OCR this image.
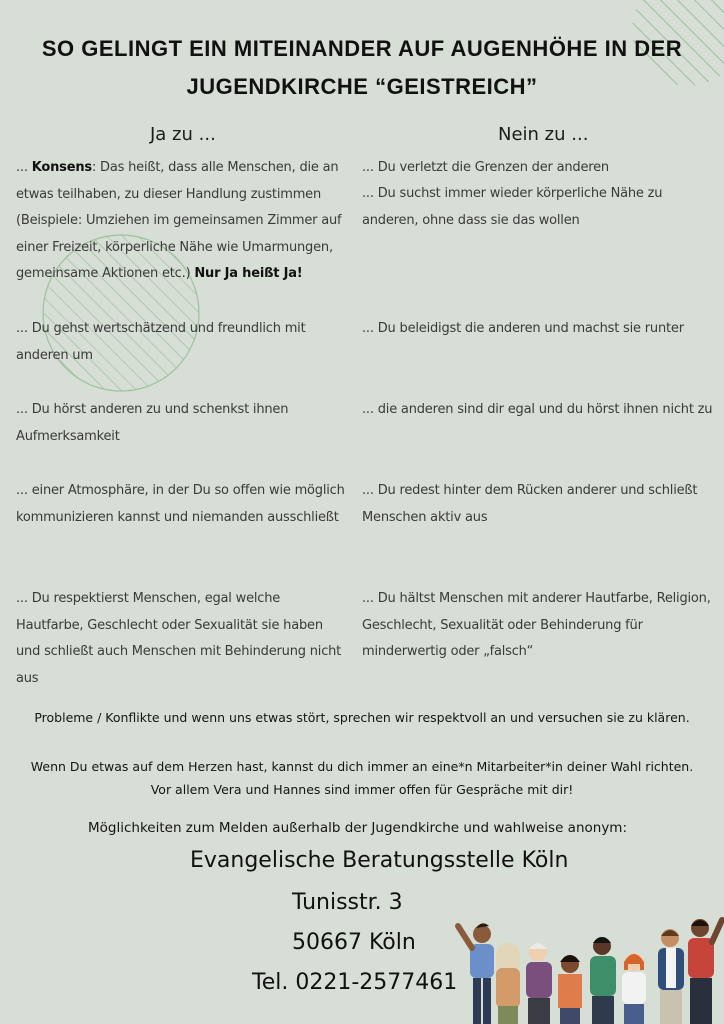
SO GELINGT EIN MITEINANDER AUF AUGENHÖHE IN DER
JUGENDKIRCHE “GEISTREICH”
Ja zu ...	Nein zu ...
... Konsens: Das heißt, dass alle Menschen, die an etwas teilhaben, zu dieser Handlung zustimmen (Beispiele: Umziehen im gemeinsamen Zimmer auf einer Freizeit, körperliche Nähe wie Umarmungen, gemeinsame Aktionen etc.) Nur Ja heißt Ja!
... Du gehst wertschätzend und freundlich mit anderen um
... Du hörst anderen zu und schenkst ihnen Aufmerksamkeit
... einer Atmosphäre, in der Du so offen wie möglich kommunizieren kannst und niemanden ausschließt
... Du respektierst Menschen, egal welche Hautfarbe, Geschlecht oder Sexualität sie haben und schließt auch Menschen mit Behinderung nicht aus
... Du verletzt die Grenzen der anderen
... Du suchst immer wieder körperliche Nähe zu anderen, ohne dass sie das wollen
... Du beleidigst die anderen und machst sie runter
... die anderen sind dir egal und du hörst ihnen nicht zu
... Du redest hinter dem Rücken anderer und schließt Menschen aktiv aus
... Du hältst Menschen mit anderer Hautfarbe, Religion, Geschlecht, Sexualität oder Behinderung für minderwertig oder „falsch“
Probleme / Konflikte und wenn uns etwas stört, sprechen wir respektvoll an und versuchen sie zu klären.
Wenn Du etwas auf dem Herzen hast, kannst du dich immer an eine*n Mitarbeiter*in deiner Wahl richten.
Vor allem Vera und Hannes sind immer offen für Gespräche mit dir!
Möglichkeiten zum Melden außerhalb der Jugendkirche und wahlweise anonym:
Evangelische Beratungsstelle Köln
Tunisstr. 3
50667 Köln
Tel. 0221-2577461
